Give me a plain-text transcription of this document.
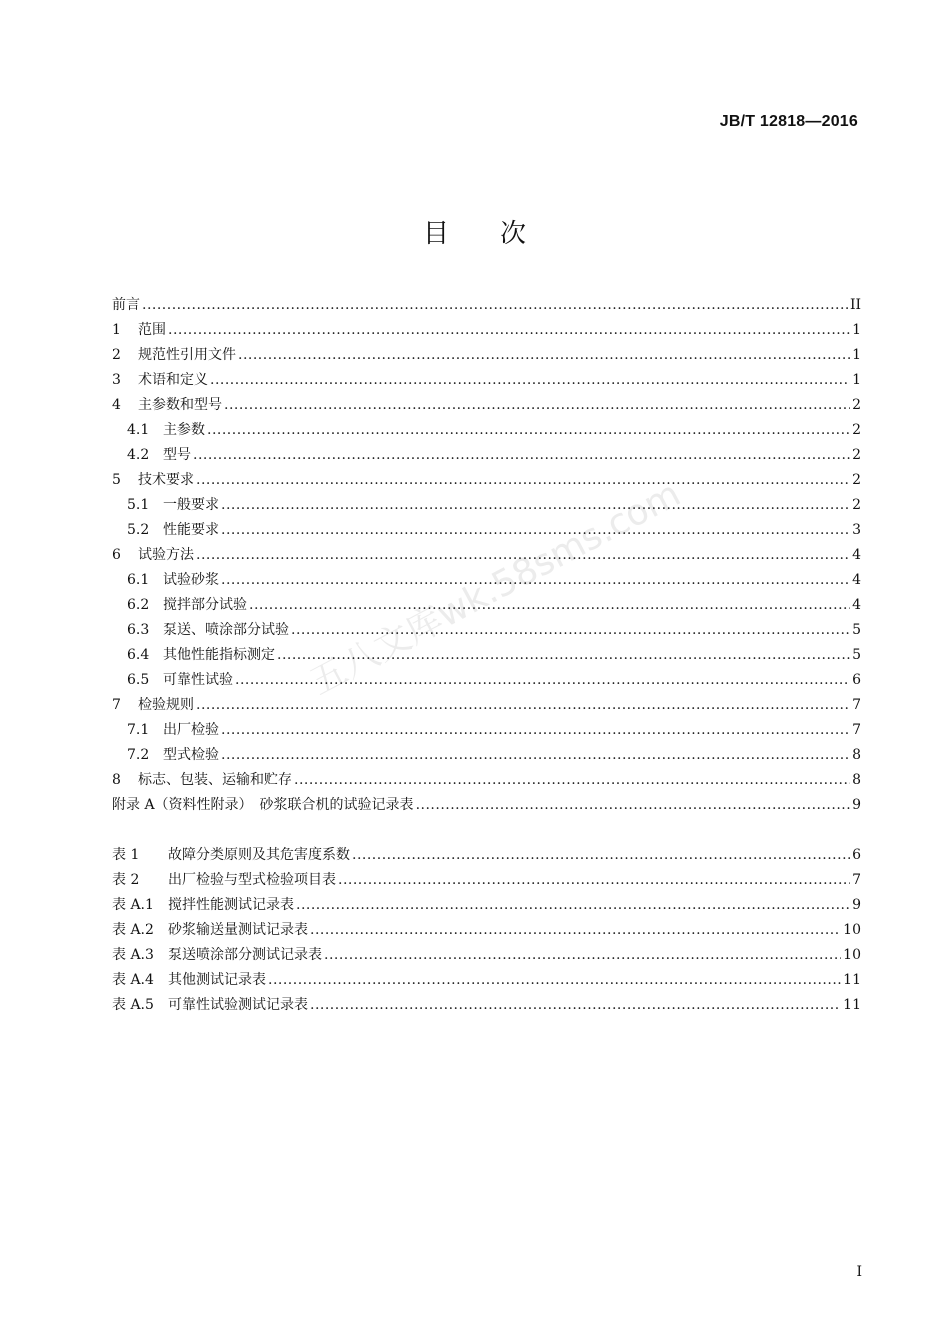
JB/T 12818—2016
目 次
五八文库wk.58sms.com
前言 .....	II
1	范围 .....	1
2	规范性引用文件 .....	1
3	术语和定义 .....	1
4	主参数和型号 .....	2
4.1 主参数 .....	2
4.2 型号 .....	2
5	技术要求 .....	2
5.1 一般要求 .....	2
5.2 性能要求 .....	3
6	试验方法 .....	4
6.1 试验砂浆 .....	4
6.2 搅拌部分试验 .....	4
6.3 泵送、喷涂部分试验 .....	5
6.4 其他性能指标测定 .....	5
6.5 可靠性试验 .....	6
7	检验规则 .....	7
7.1 出厂检验 .....	7
7.2 型式检验 .....	8
8	标志、包装、运输和贮存 .....	8
附录 A（资料性附录）　砂浆联合机的试验记录表 .....	9
表 1	故障分类原则及其危害度系数 .....	6
表 2	出厂检验与型式检验项目表 .....	7
表 A.1	搅拌性能测试记录表 .....	9
表 A.2	砂浆输送量测试记录表 .....	10
表 A.3	泵送喷涂部分测试记录表 .....	10
表 A.4	其他测试记录表 .....	11
表 A.5	可靠性试验测试记录表 .....	11
I
